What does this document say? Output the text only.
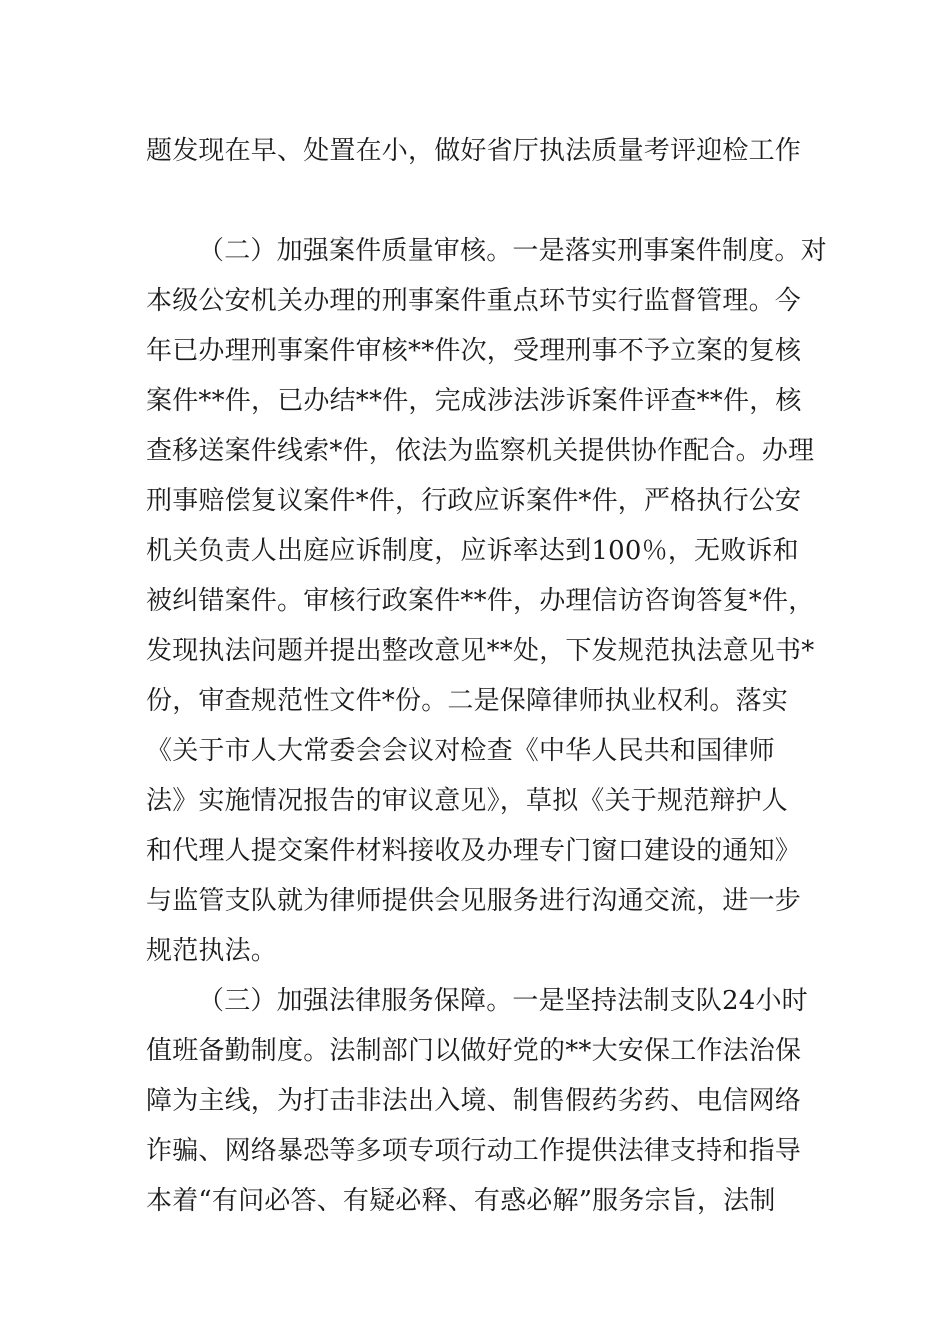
题发现在早、处置在小，做好省厅执法质量考评迎检工作
（二）加强案件质量审核。一是落实刑事案件制度。对
本级公安机关办理的刑事案件重点环节实行监督管理。今
年已办理刑事案件审核**件次，受理刑事不予立案的复核
案件**件，已办结**件，完成涉法涉诉案件评查**件，核
查移送案件线索*件，依法为监察机关提供协作配合。办理
刑事赔偿复议案件*件，行政应诉案件*件，严格执行公安
机关负责人出庭应诉制度，应诉率达到100％，无败诉和
被纠错案件。审核行政案件**件，办理信访咨询答复*件，
发现执法问题并提出整改意见**处，下发规范执法意见书*
份，审查规范性文件*份。二是保障律师执业权利。落实
《关于市人大常委会会议对检查《中华人民共和国律师
法》实施情况报告的审议意见》，草拟《关于规范辩护人
和代理人提交案件材料接收及办理专门窗口建设的通知》
与监管支队就为律师提供会见服务进行沟通交流，进一步
规范执法。
（三）加强法律服务保障。一是坚持法制支队24小时
值班备勤制度。法制部门以做好党的**大安保工作法治保
障为主线，为打击非法出入境、制售假药劣药、电信网络
诈骗、网络暴恐等多项专项行动工作提供法律支持和指导
本着“有问必答、有疑必释、有惑必解”服务宗旨，法制
